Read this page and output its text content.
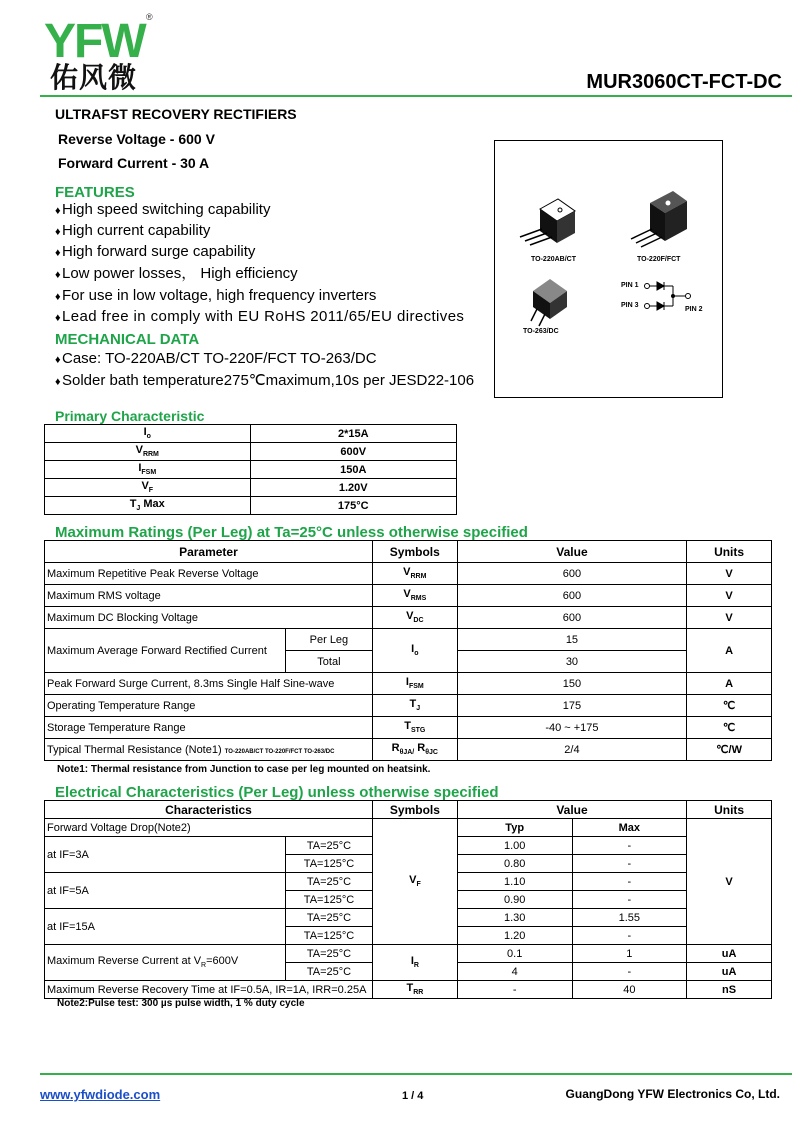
YFW ®
佑风微	MUR3060CT-FCT-DC
ULTRAFST RECOVERY RECTIFIERS
Reverse Voltage - 600 V
Forward Current - 30 A
FEATURES
♦High speed switching capability
♦High current capability
♦High forward surge capability
♦Low power losses， High efficiency
♦For use in low voltage, high frequency inverters
♦Lead free in comply with EU RoHS 2011/65/EU directives
MECHANICAL DATA
♦Case: TO-220AB/CT TO-220F/FCT TO-263/DC
♦Solder bath temperature275℃maximum,10s per JESD22-106
TO-220AB/CT	TO-220F/FCT
TO-263/DC
PIN 1
PIN 3
PIN 2
Primary Characteristic
$I_o$	2*15A
$V_{RRM}$	600V
$I_{FSM}$	150A
$V_F$	1.20V
$T_J$ Max	175°C
Maximum Ratings (Per Leg) at Ta=25°C unless otherwise specified
Parameter		Symbols	Value	Units
Maximum Repetitive Peak Reverse Voltage		$V_{RRM}$	600	V
Maximum RMS voltage		$V_{RMS}$	600	V
Maximum DC Blocking Voltage		$V_{DC}$	600	V
Maximum Average Forward Rectified Current	Per Leg	$I_o$	15	A
	Total		30	
Peak Forward Surge Current, 8.3ms Single Half Sine-wave		$I_{FSM}$	150	A
Operating Temperature Range		$T_J$	175	℃
Storage Temperature Range		$T_{STG}$	-40 ~ +175	℃
Typical Thermal Resistance (Note1) TO-220AB/CT TO-220F/FCT TO-263/DC		$R_{\theta JA/}$ $R_{\theta JC}$	2/4	℃/W
Note1: Thermal resistance from Junction to case per leg mounted on heatsink.
Electrical Characteristics (Per Leg) unless otherwise specified
Characteristics		Symbols	Value		Units
Forward Voltage Drop(Note2)		$V_F$	Typ	Max	V
at IF=3A	TA=25°C		1.00	-	
	TA=125°C		0.80	-	
at IF=5A	TA=25°C		1.10	-	
	TA=125°C		0.90	-	
at IF=15A	TA=25°C		1.30	1.55	
	TA=125°C		1.20	-	
Maximum Reverse Current at $V_R=600V$	TA=25°C	$I_R$	0.1	1	uA
	TA=25°C		4	-	uA
Maximum Reverse Recovery Time at IF=0.5A, IR=1A, IRR=0.25A		$T_{RR}$	-	40	nS
Note2:Pulse test: 300 µs pulse width, 1 % duty cycle
www.yfwdiode.com	1 / 4	GuangDong YFW Electronics Co, Ltd.
